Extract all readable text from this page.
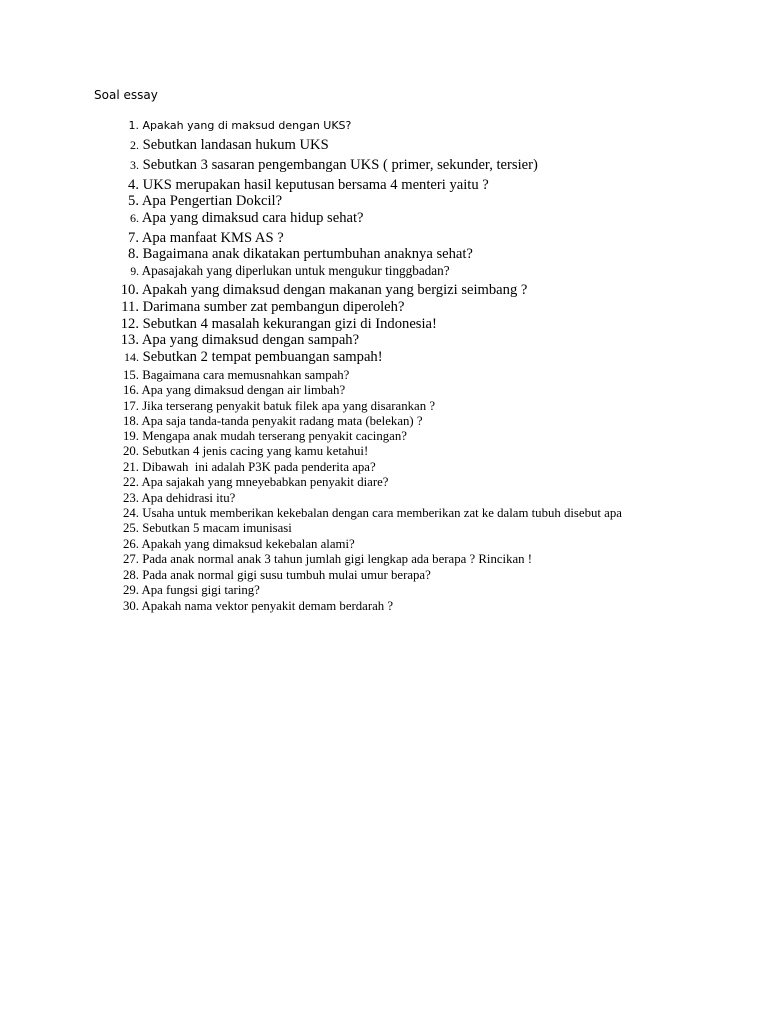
Soal essay
1. Apakah yang di maksud dengan UKS?
2. Sebutkan landasan hukum UKS
3. Sebutkan 3 sasaran pengembangan UKS ( primer, sekunder, tersier)
4. UKS merupakan hasil keputusan bersama 4 menteri yaitu ?
5. Apa Pengertian Dokcil?
6. Apa yang dimaksud cara hidup sehat?
7. Apa manfaat KMS AS ?
8. Bagaimana anak dikatakan pertumbuhan anaknya sehat?
9. Apasajakah yang diperlukan untuk mengukur tinggbadan?
10. Apakah yang dimaksud dengan makanan yang bergizi seimbang ?
11. Darimana sumber zat pembangun diperoleh?
12. Sebutkan 4 masalah kekurangan gizi di Indonesia!
13. Apa yang dimaksud dengan sampah?
14. Sebutkan 2 tempat pembuangan sampah!
15. Bagaimana cara memusnahkan sampah?
16. Apa yang dimaksud dengan air limbah?
17. Jika terserang penyakit batuk filek apa yang disarankan ?
18. Apa saja tanda-tanda penyakit radang mata (belekan) ?
19. Mengapa anak mudah terserang penyakit cacingan?
20. Sebutkan 4 jenis cacing yang kamu ketahui!
21. Dibawah  ini adalah P3K pada penderita apa?
22. Apa sajakah yang mneyebabkan penyakit diare?
23. Apa dehidrasi itu?
24. Usaha untuk memberikan kekebalan dengan cara memberikan zat ke dalam tubuh disebut apa
25. Sebutkan 5 macam imunisasi
26. Apakah yang dimaksud kekebalan alami?
27. Pada anak normal anak 3 tahun jumlah gigi lengkap ada berapa ? Rincikan !
28. Pada anak normal gigi susu tumbuh mulai umur berapa?
29. Apa fungsi gigi taring?
30. Apakah nama vektor penyakit demam berdarah ?
